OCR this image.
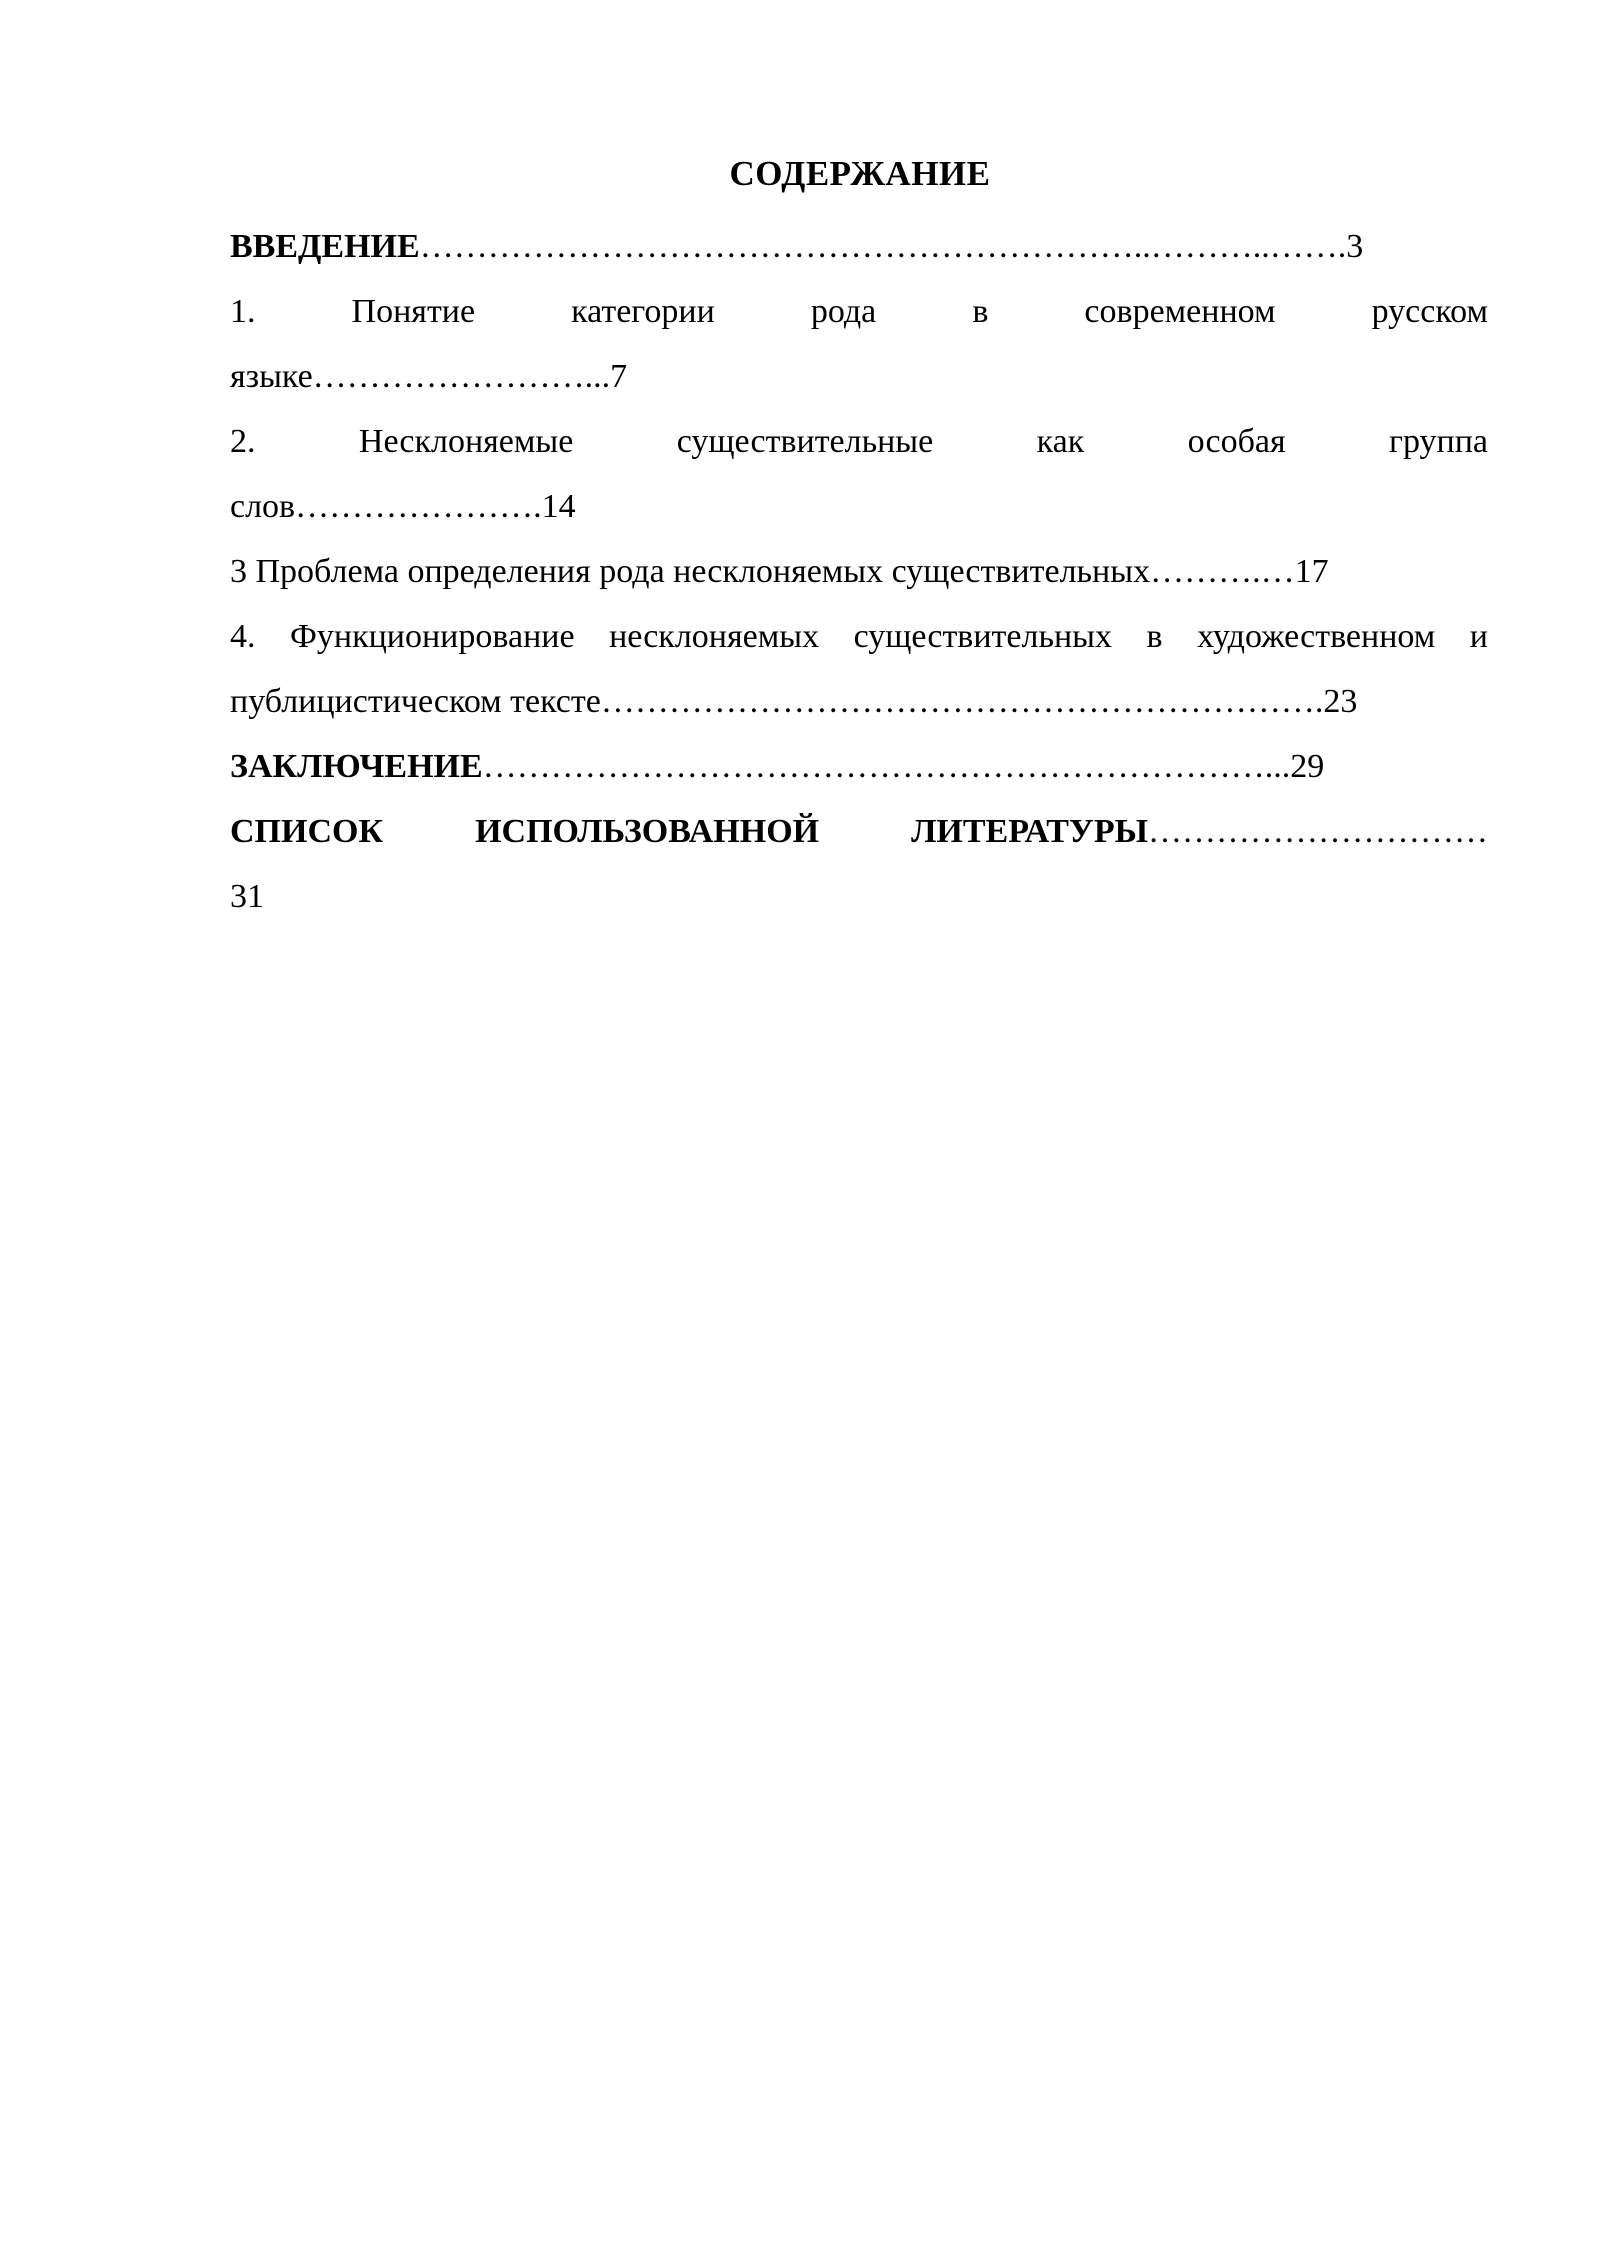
СОДЕРЖАНИЕ

ВВЕДЕНИЕ………………………………………………………..………..…….3

1. Понятие категории рода в современном русском

языке……………………...7

2. Несклоняемые существительные как особая группа

слов………………….14

3 Проблема определения рода несклоняемых существительных……….…17

4. Функционирование несклоняемых существительных в художественном и

публицистическом тексте……………………………………………………….23

ЗАКЛЮЧЕНИЕ……………………………………………………………...29

СПИСОК ИСПОЛЬЗОВАННОЙ ЛИТЕРАТУРЫ…………………………

31
